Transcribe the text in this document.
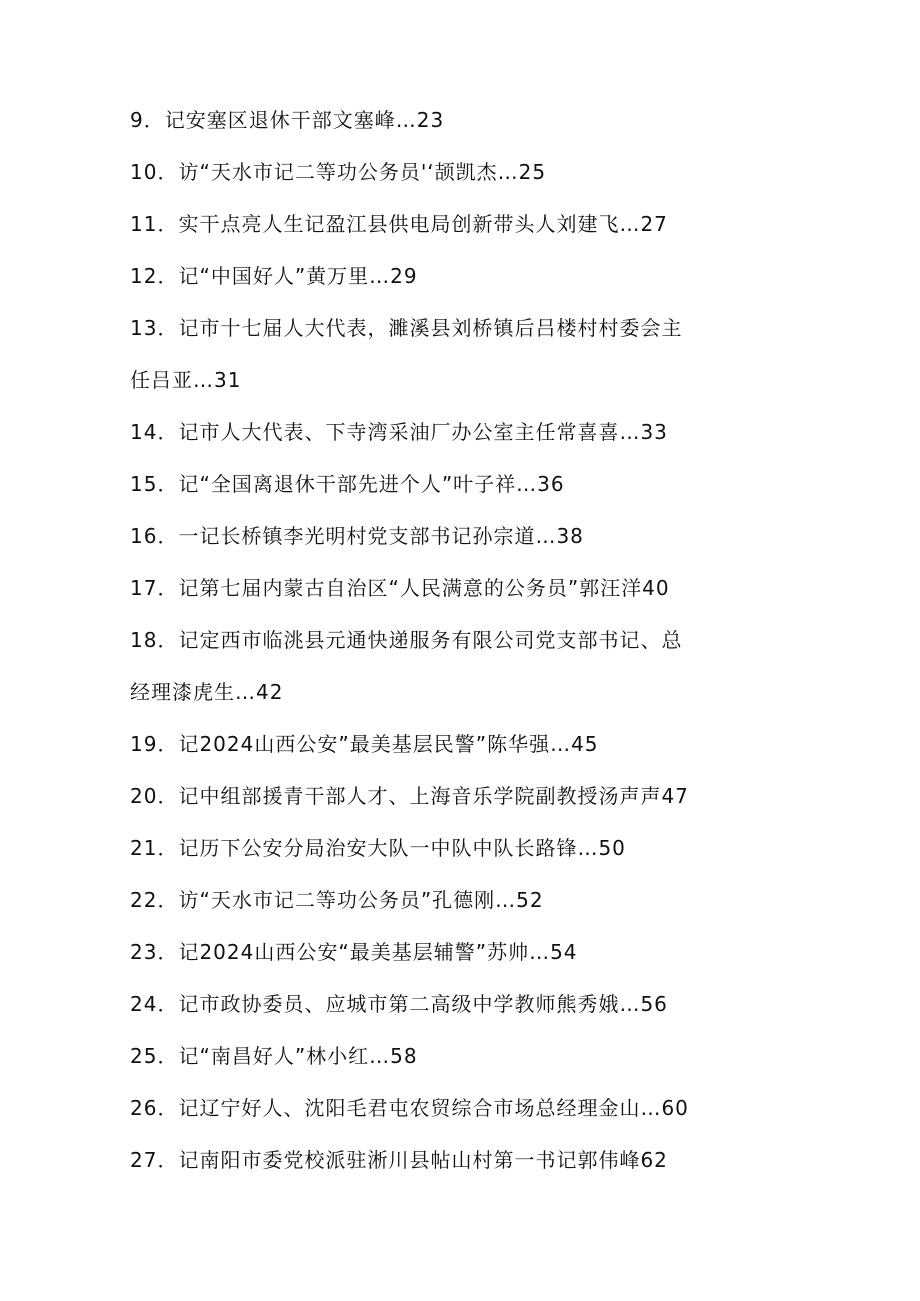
9．记安塞区退休干部文塞峰…23
10．访“天水市记二等功公务员'‘颉凯杰…25
11．实干点亮人生记盈江县供电局创新带头人刘建飞…27
12．记“中国好人”黄万里…29
13．记市十七届人大代表，濉溪县刘桥镇后吕楼村村委会主
任吕亚…31
14．记市人大代表、下寺湾采油厂办公室主任常喜喜…33
15．记“全国离退休干部先进个人”叶子祥…36
16．一记长桥镇李光明村党支部书记孙宗道…38
17．记第七届内蒙古自治区“人民满意的公务员”郭汪洋40
18．记定西市临洮县元通快递服务有限公司党支部书记、总
经理漆虎生…42
19．记2024山西公安”最美基层民警”陈华强…45
20．记中组部援青干部人才、上海音乐学院副教授汤声声47
21．记历下公安分局治安大队一中队中队长路锋…50
22．访“天水市记二等功公务员”孔德刚…52
23．记2024山西公安“最美基层辅警”苏帅…54
24．记市政协委员、应城市第二高级中学教师熊秀娥…56
25．记“南昌好人”林小红…58
26．记辽宁好人、沈阳毛君屯农贸综合市场总经理金山…60
27．记南阳市委党校派驻淅川县帖山村第一书记郭伟峰62
